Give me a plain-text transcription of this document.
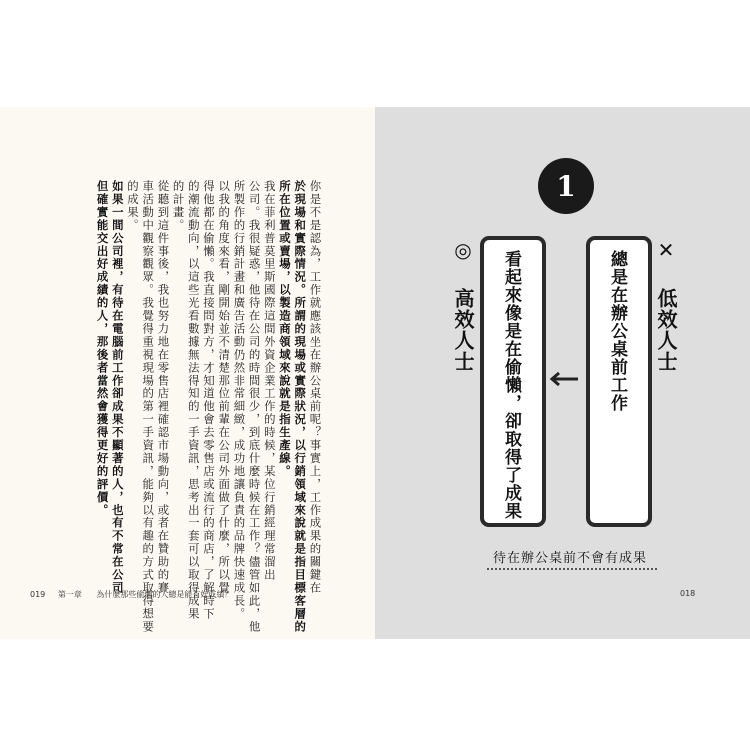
你是不是認為，工作就應該坐在辦公桌前呢？事實上，工作成果的關鍵在
於現場和實際情況。所謂的現場或實際狀況，以行銷領域來說就是指目標客層的
所在位置或賣場，以製造商領域來說就是指生產線。
我在菲利普莫里斯國際這間外資企業工作的時候，某位行銷經理常溜出
公司。我很疑惑，他待在公司的時間很少，到底什麼時候在工作？儘管如此，他
所製作的行銷計畫和廣告活動仍然非常細緻，成功地讓負責的品牌快速成長。
以我的角度來看，剛開始並不清楚那位前輩在公司外面做了什麼，所以覺
得他都在偷懶。我直接問對方，才知道他會去零售店或流行的商店，了解時下
的潮流動向，以這些光看數據無法得知的一手資訊，思考出一套可以取得成果
的計畫。
從聽到這件事後，我也努力地在零售店裡確認市場動向，或者在贊助的賽
車活動中觀察觀眾。我覺得重視現場的第一手資訊，能夠以有趣的方式取得想要
的成果。
如果一間公司裡，有待在電腦前工作卻成果不顯著的人，也有不常在公司
但確實能交出好成績的人，那後者當然會獲得更好的評價。
019 第一章 為什麼那些偷懶的人總是能有好成績？
1
✕ 低效人士
總是在辦公桌前工作
看起來像是在偷懶，卻取得了成果
◎ 高效人士
待在辦公桌前不會有成果
018
